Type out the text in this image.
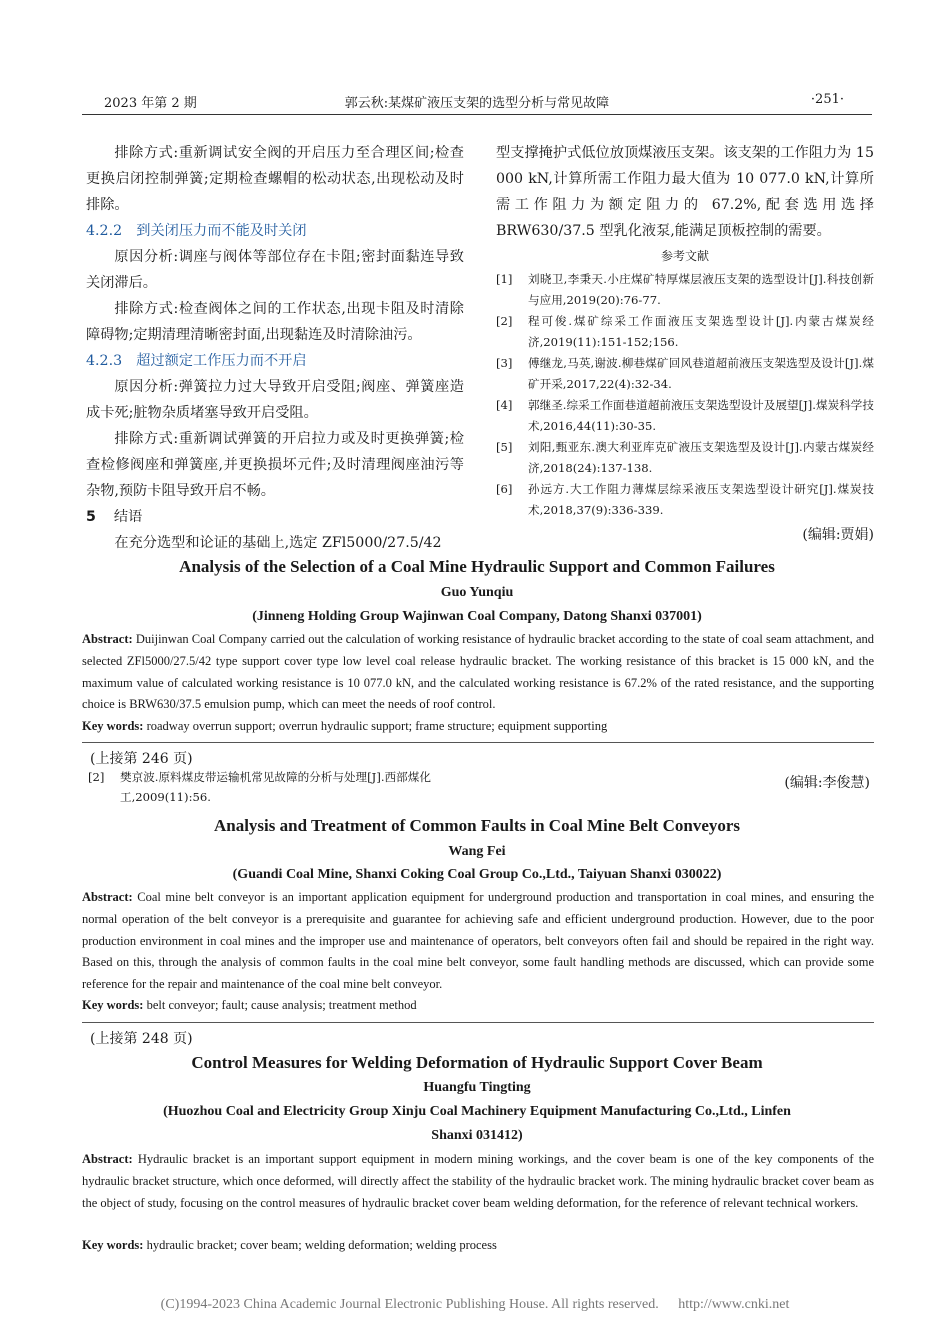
2023 年第 2 期	郭云秋:某煤矿液压支架的选型分析与常见故障	·251·

排除方式:重新调试安全阀的开启压力至合理区间;检查更换启闭控制弹簧;定期检查螺帽的松动状态,出现松动及时排除。

4.2.2　到关闭压力而不能及时关闭

原因分析:调座与阀体等部位存在卡阻;密封面黏连导致关闭滞后。

排除方式:检查阀体之间的工作状态,出现卡阻及时清除障碍物;定期清理清晰密封面,出现黏连及时清除油污。

4.2.3　超过额定工作压力而不开启

原因分析:弹簧拉力过大导致开启受阻;阀座、弹簧座造成卡死;脏物杂质堵塞导致开启受阻。

排除方式:重新调试弹簧的开启拉力或及时更换弹簧;检查检修阀座和弹簧座,并更换损坏元件;及时清理阀座油污等杂物,预防卡阻导致开启不畅。

5 结语

在充分选型和论证的基础上,选定 ZFl5000/27.5/42

型支撑掩护式低位放顶煤液压支架。该支架的工作阻力为 15 000 kN,计算所需工作阻力最大值为 10 077.0 kN,计算所需工作阻力为额定阻力的 67.2%,配套选用选择 BRW630/37.5 型乳化液泵,能满足顶板控制的需要。

参考文献

[1]	刘晓卫,李秉天.小庄煤矿特厚煤层液压支架的选型设计[J].科技创新与应用,2019(20):76-77.
[2]	程可俊.煤矿综采工作面液压支架选型设计[J].内蒙古煤炭经济,2019(11):151-152;156.
[3]	傅继龙,马英,谢波.柳巷煤矿回风巷道超前液压支架选型及设计[J].煤矿开采,2017,22(4):32-34.
[4]	郭继圣.综采工作面巷道超前液压支架选型设计及展望[J].煤炭科学技术,2016,44(11):30-35.
[5]	刘阳,甄亚东.澳大利亚库克矿液压支架选型及设计[J].内蒙古煤炭经济,2018(24):137-138.
[6]	孙远方.大工作阻力薄煤层综采液压支架选型设计研究[J].煤炭技术,2018,37(9):336-339.

(编辑:贾娟)

Analysis of the Selection of a Coal Mine Hydraulic Support and Common Failures
Guo Yunqiu
(Jinneng Holding Group Wajinwan Coal Company, Datong Shanxi 037001)

Abstract: Duijinwan Coal Company carried out the calculation of working resistance of hydraulic bracket according to the state of coal seam attachment, and selected ZFl5000/27.5/42 type support cover type low level coal release hydraulic bracket. The working resistance of this bracket is 15 000 kN, and the maximum value of calculated working resistance is 10 077.0 kN, and the calculated working resistance is 67.2% of the rated resistance, and the supporting choice is BRW630/37.5 emulsion pump, which can meet the needs of roof control.

Key words: roadway overrun support; overrun hydraulic support; frame structure; equipment supporting

(上接第 246 页)
[2]	樊京波.原料煤皮带运输机常见故障的分析与处理[J].西部煤化工,2009(11):56.
(编辑:李俊慧)
Analysis and Treatment of Common Faults in Coal Mine Belt Conveyors
Wang Fei
(Guandi Coal Mine, Shanxi Coking Coal Group Co.,Ltd., Taiyuan Shanxi 030022)

Abstract: Coal mine belt conveyor is an important application equipment for underground production and transportation in coal mines, and ensuring the normal operation of the belt conveyor is a prerequisite and guarantee for achieving safe and efficient underground production. However, due to the poor production environment in coal mines and the improper use and maintenance of operators, belt conveyors often fail and should be repaired in the right way. Based on this, through the analysis of common faults in the coal mine belt conveyor, some fault handling methods are discussed, which can provide some reference for the repair and maintenance of the coal mine belt conveyor.

Key words: belt conveyor; fault; cause analysis; treatment method

(上接第 248 页)
Control Measures for Welding Deformation of Hydraulic Support Cover Beam
Huangfu Tingting
(Huozhou Coal and Electricity Group Xinju Coal Machinery Equipment Manufacturing Co.,Ltd., Linfen
Shanxi 031412)

Abstract: Hydraulic bracket is an important support equipment in modern mining workings, and the cover beam is one of the key components of the hydraulic bracket structure, which once deformed, will directly affect the stability of the hydraulic bracket work. The mining hydraulic bracket cover beam as the object of study, focusing on the control measures of hydraulic bracket cover beam welding deformation, for the reference of relevant technical workers.

Key words: hydraulic bracket; cover beam; welding deformation; welding process

(C)1994-2023 China Academic Journal Electronic Publishing House. All rights reserved. http://www.cnki.net
